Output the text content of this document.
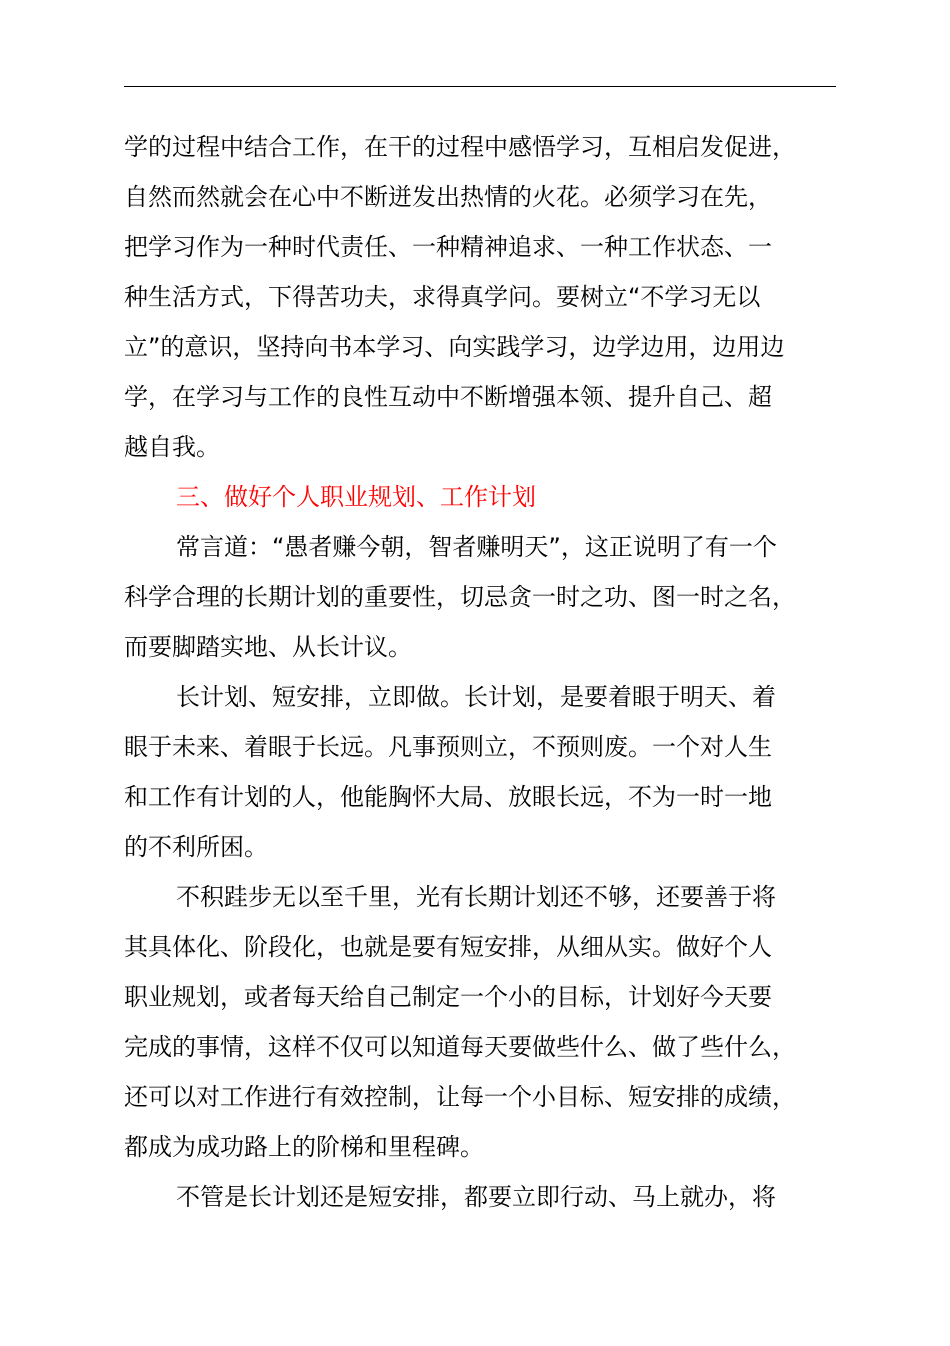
学的过程中结合工作，在干的过程中感悟学习，互相启发促进，
自然而然就会在心中不断迸发出热情的火花。必须学习在先，
把学习作为一种时代责任、一种精神追求、一种工作状态、一
种生活方式，下得苦功夫，求得真学问。要树立“不学习无以
立”的意识，坚持向书本学习、向实践学习，边学边用，边用边
学，在学习与工作的良性互动中不断增强本领、提升自己、超
越自我。
三、做好个人职业规划、工作计划
常言道：“愚者赚今朝，智者赚明天”，这正说明了有一个
科学合理的长期计划的重要性，切忌贪一时之功、图一时之名，
而要脚踏实地、从长计议。
长计划、短安排，立即做。长计划，是要着眼于明天、着
眼于未来、着眼于长远。凡事预则立，不预则废。一个对人生
和工作有计划的人，他能胸怀大局、放眼长远，不为一时一地
的不利所困。
不积跬步无以至千里，光有长期计划还不够，还要善于将
其具体化、阶段化，也就是要有短安排，从细从实。做好个人
职业规划，或者每天给自己制定一个小的目标，计划好今天要
完成的事情，这样不仅可以知道每天要做些什么、做了些什么，
还可以对工作进行有效控制，让每一个小目标、短安排的成绩，
都成为成功路上的阶梯和里程碑。
不管是长计划还是短安排，都要立即行动、马上就办，将
